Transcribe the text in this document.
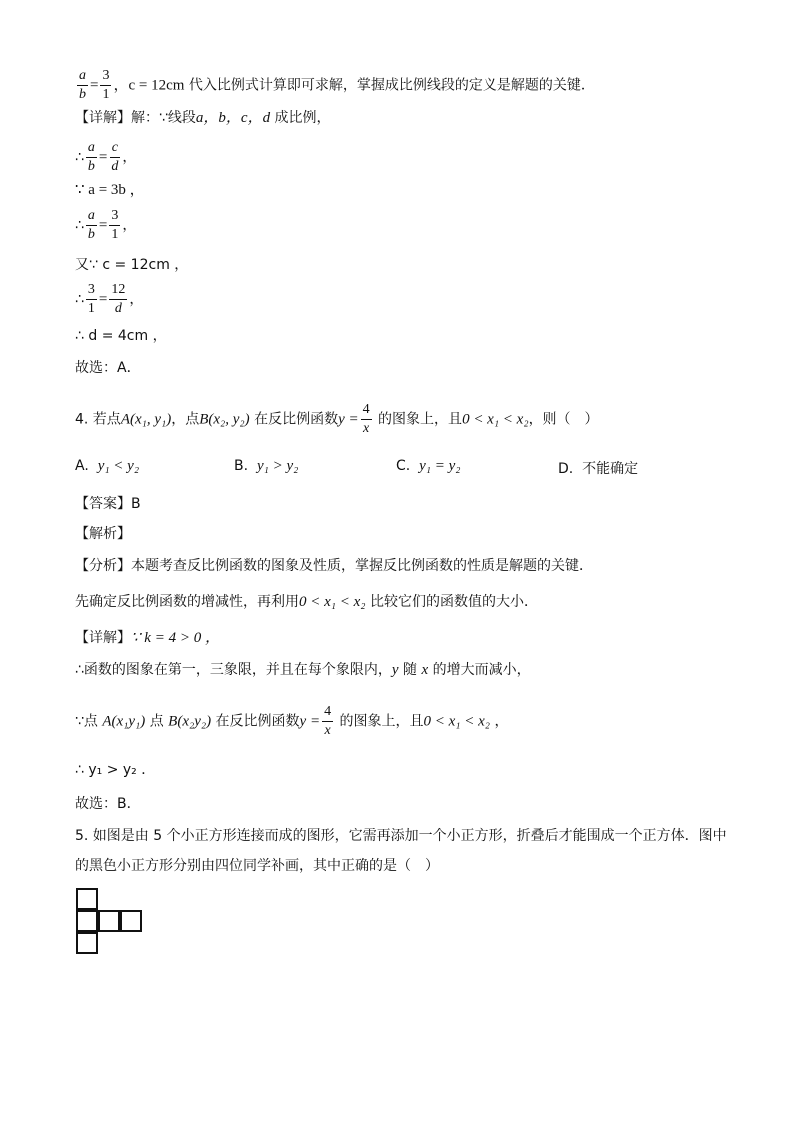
$\frac{a}{b} = \frac{3}{1}$ ，c = 12cm 代入比例式计算即可求解，掌握成比例线段的定义是解题的关键．
【详解】解：∵线段a，b，c，d 成比例，
∴ $\frac{a}{b} = \frac{c}{d}$ ，
∵ a = 3b ，
∴ $\frac{a}{b} = \frac{3}{1}$ ，
又∵ c = 12cm ，
∴ $\frac{3}{1} = \frac{12}{d}$ ，
∴ d = 4cm ，
故选：A．
4. 若点A(x₁, y₁)，点B(x₂, y₂) 在反比例函数$y = \frac{4}{x}$ 的图象上，且0 < x₁ < x₂，则（　）
A. y₁ < y₂	B. y₁ > y₂	C. y₁ = y₂	D. 不能确定
【答案】B
【解析】
【分析】本题考查反比例函数的图象及性质，掌握反比例函数的性质是解题的关键．
先确定反比例函数的增减性，再利用0 < x₁ < x₂ 比较它们的函数值的大小．
【详解】∵ k = 4 > 0 ，
∴函数的图象在第一，三象限，并且在每个象限内，y 随 x 的增大而减小，
∵点 A(x₁y₁) 点 B(x₂y₂) 在反比例函数$y = \frac{4}{x}$ 的图象上，且0 < x₁ < x₂ ，
∴ y₁ > y₂ ．
故选：B．
5. 如图是由 5 个小正方形连接而成的图形，它需再添加一个小正方形，折叠后才能围成一个正方体．图中
的黑色小正方形分别由四位同学补画，其中正确的是（　）
